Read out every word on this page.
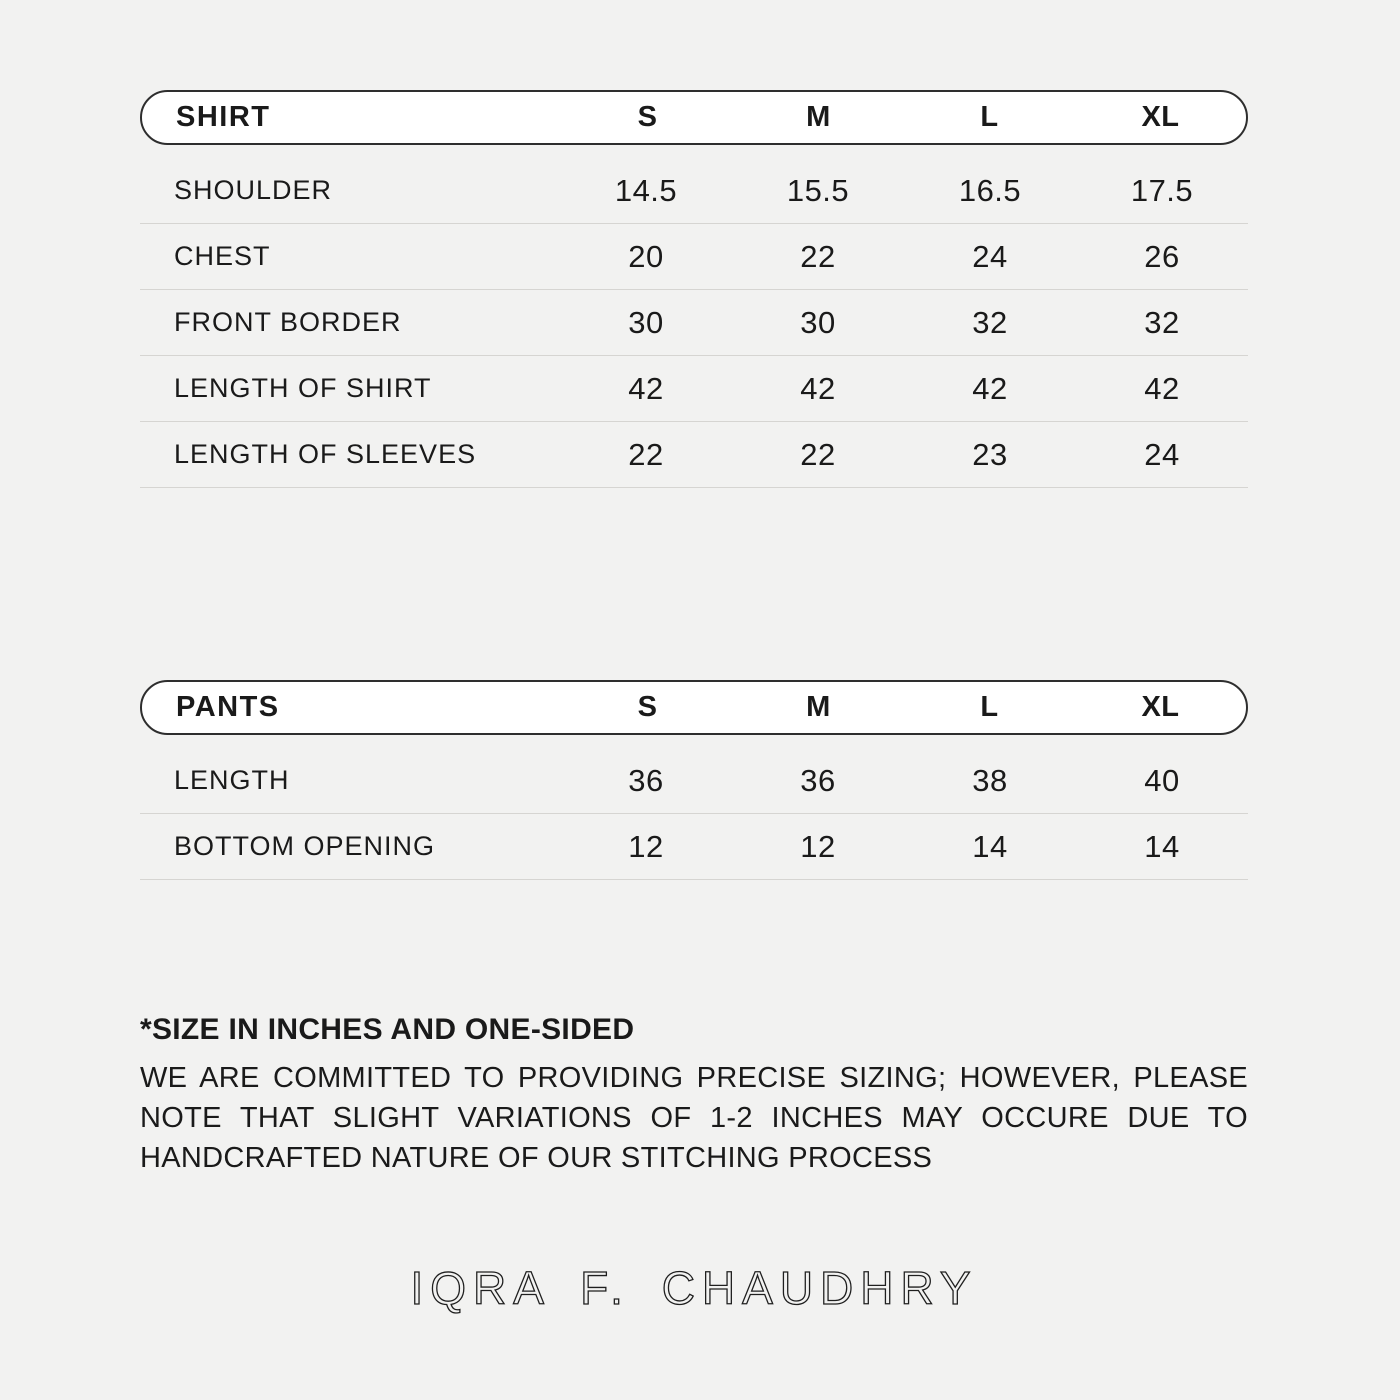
SHIRT	S	M	L	XL
SHOULDER	14.5	15.5	16.5	17.5
CHEST	20	22	24	26
FRONT BORDER	30	30	32	32
LENGTH OF SHIRT	42	42	42	42
LENGTH OF SLEEVES	22	22	23	24
PANTS	S	M	L	XL
LENGTH	36	36	38	40
BOTTOM OPENING	12	12	14	14
*SIZE IN INCHES AND ONE-SIDED
WE ARE COMMITTED TO PROVIDING PRECISE SIZING; HOWEVER, PLEASE
NOTE THAT SLIGHT VARIATIONS OF 1-2 INCHES MAY OCCURE DUE TO
HANDCRAFTED NATURE OF OUR STITCHING PROCESS
IQRA F. CHAUDHRY
